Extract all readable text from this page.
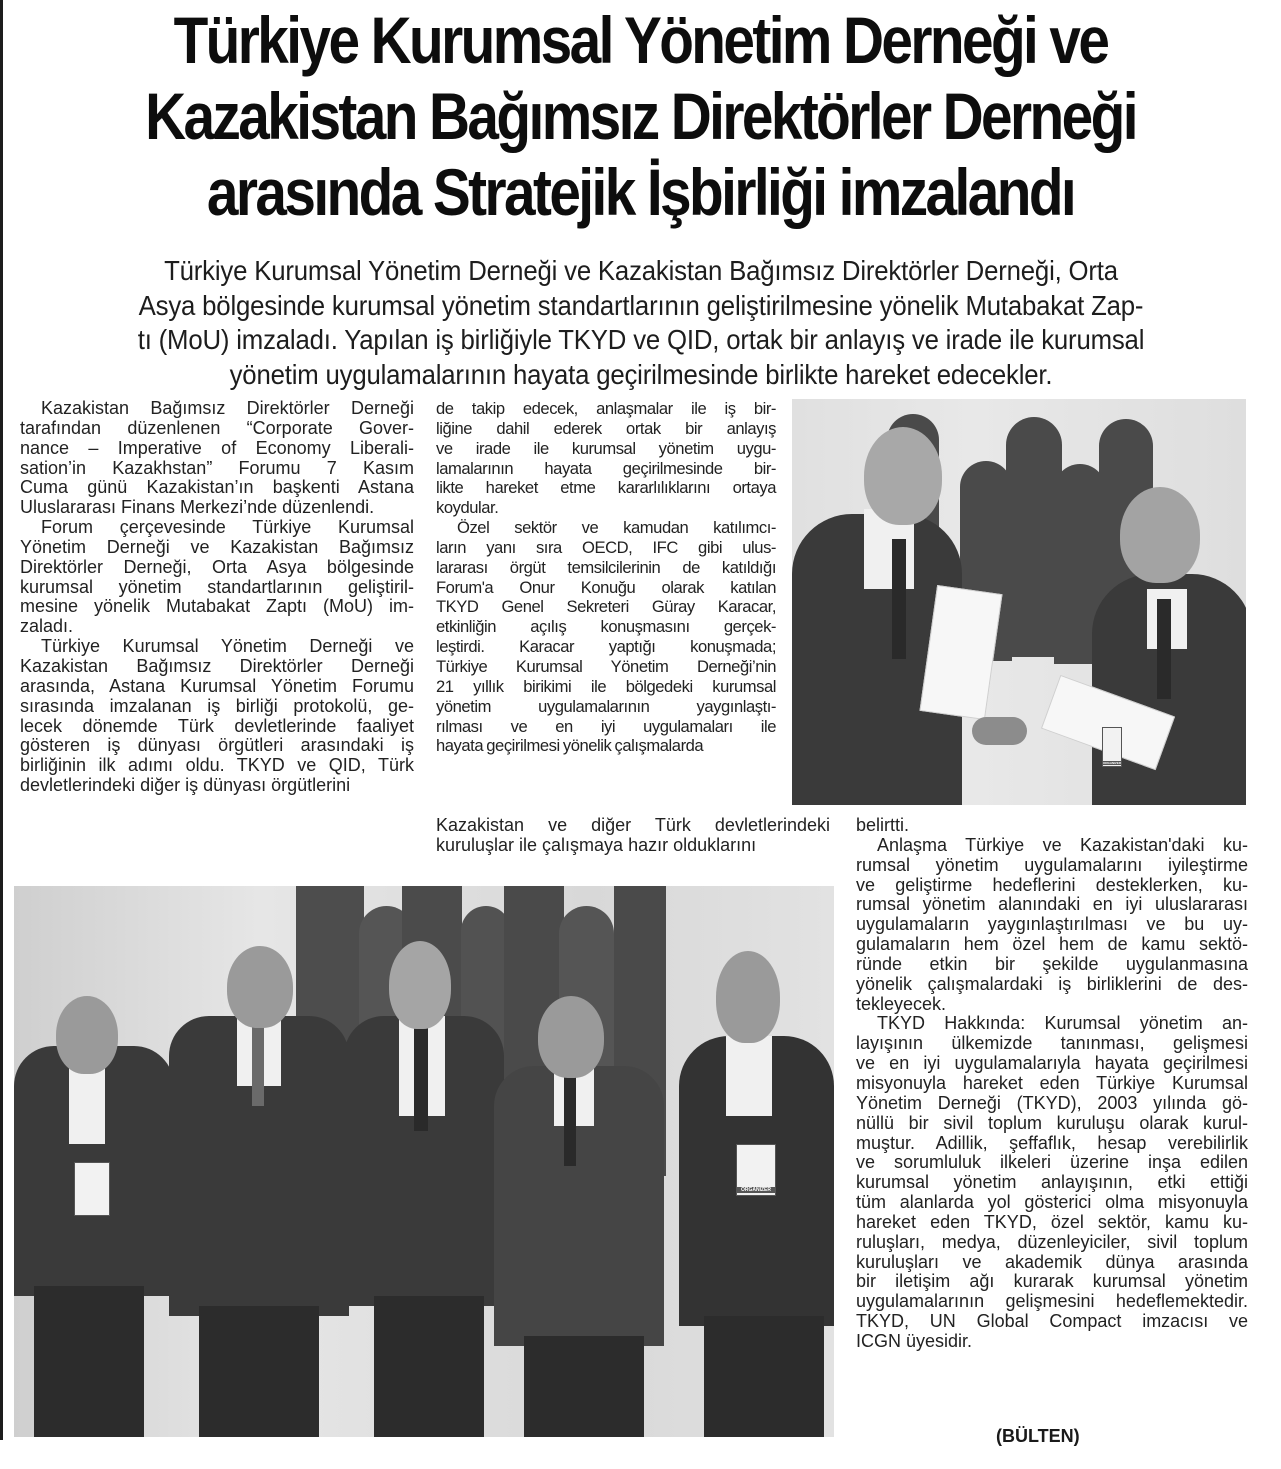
Türkiye Kurumsal Yönetim Derneği ve
Kazakistan Bağımsız Direktörler Derneği
arasında Stratejik İşbirliği imzalandı
Türkiye Kurumsal Yönetim Derneği ve Kazakistan Bağımsız Direktörler Derneği, Orta
Asya bölgesinde kurumsal yönetim standartlarının geliştirilmesine yönelik Mutabakat Zap-
tı (MoU) imzaladı. Yapılan iş birliğiyle TKYD ve QID, ortak bir anlayış ve irade ile kurumsal
yönetim uygulamalarının hayata geçirilmesinde birlikte hareket edecekler.
Kazakistan Bağımsız Direktörler Derneği
tarafından düzenlenen “Corporate Gover-
nance – Imperative of Economy Liberali-
sation’in Kazakhstan” Forumu 7 Kasım
Cuma günü Kazakistan’ın başkenti Astana
Uluslararası Finans Merkezi’nde düzenlendi.
Forum çerçevesinde Türkiye Kurumsal
Yönetim Derneği ve Kazakistan Bağımsız
Direktörler Derneği, Orta Asya bölgesinde
kurumsal yönetim standartlarının geliştiril-
mesine yönelik Mutabakat Zaptı (MoU) im-
zaladı.
Türkiye Kurumsal Yönetim Derneği ve
Kazakistan Bağımsız Direktörler Derneği
arasında, Astana Kurumsal Yönetim Forumu
sırasında imzalanan iş birliği protokolü, ge-
lecek dönemde Türk devletlerinde faaliyet
gösteren iş dünyası örgütleri arasındaki iş
birliğinin ilk adımı oldu. TKYD ve QID, Türk
devletlerindeki diğer iş dünyası örgütlerini
de takip edecek, anlaşmalar ile iş bir-
liğine dahil ederek ortak bir anlayış
ve irade ile kurumsal yönetim uygu-
lamalarının hayata geçirilmesinde bir-
likte hareket etme kararlılıklarını ortaya
koydular.
Özel sektör ve kamudan katılımcı-
ların yanı sıra OECD, IFC gibi ulus-
lararası örgüt temsilcilerinin de katıldığı
Forum'a Onur Konuğu olarak katılan
TKYD Genel Sekreteri Güray Karacar,
etkinliğin açılış konuşmasını gerçek-
leştirdi. Karacar yaptığı konuşmada;
Türkiye Kurumsal Yönetim Derneği’nin
21 yıllık birikimi ile bölgedeki kurumsal
yönetim uygulamalarının yaygınlaştı-
rılması ve en iyi uygulamaları ile
hayata geçirilmesi yönelik çalışmalarda
Kazakistan ve diğer Türk devletlerindeki
kuruluşlar ile çalışmaya hazır olduklarını
belirtti.
Anlaşma Türkiye ve Kazakistan'daki ku-
rumsal yönetim uygulamalarını iyileştirme
ve geliştirme hedeflerini desteklerken, ku-
rumsal yönetim alanındaki en iyi uluslararası
uygulamaların yaygınlaştırılması ve bu uy-
gulamaların hem özel hem de kamu sektö-
ründe etkin bir şekilde uygulanmasına
yönelik çalışmalardaki iş birliklerini de des-
tekleyecek.
TKYD Hakkında: Kurumsal yönetim an-
layışının ülkemizde tanınması, gelişmesi
ve en iyi uygulamalarıyla hayata geçirilmesi
misyonuyla hareket eden Türkiye Kurumsal
Yönetim Derneği (TKYD), 2003 yılında gö-
nüllü bir sivil toplum kuruluşu olarak kurul-
muştur. Adillik, şeffaflık, hesap verebilirlik
ve sorumluluk ilkeleri üzerine inşa edilen
kurumsal yönetim anlayışının, etki ettiği
tüm alanlarda yol gösterici olma misyonuyla
hareket eden TKYD, özel sektör, kamu ku-
ruluşları, medya, düzenleyiciler, sivil toplum
kuruluşları ve akademik dünya arasında
bir iletişim ağı kurarak kurumsal yönetim
uygulamalarının gelişmesini hedeflemektedir.
TKYD, UN Global Compact imzacısı ve
ICGN üyesidir.
ORGANIZER
ORGANIZER
(BÜLTEN)
